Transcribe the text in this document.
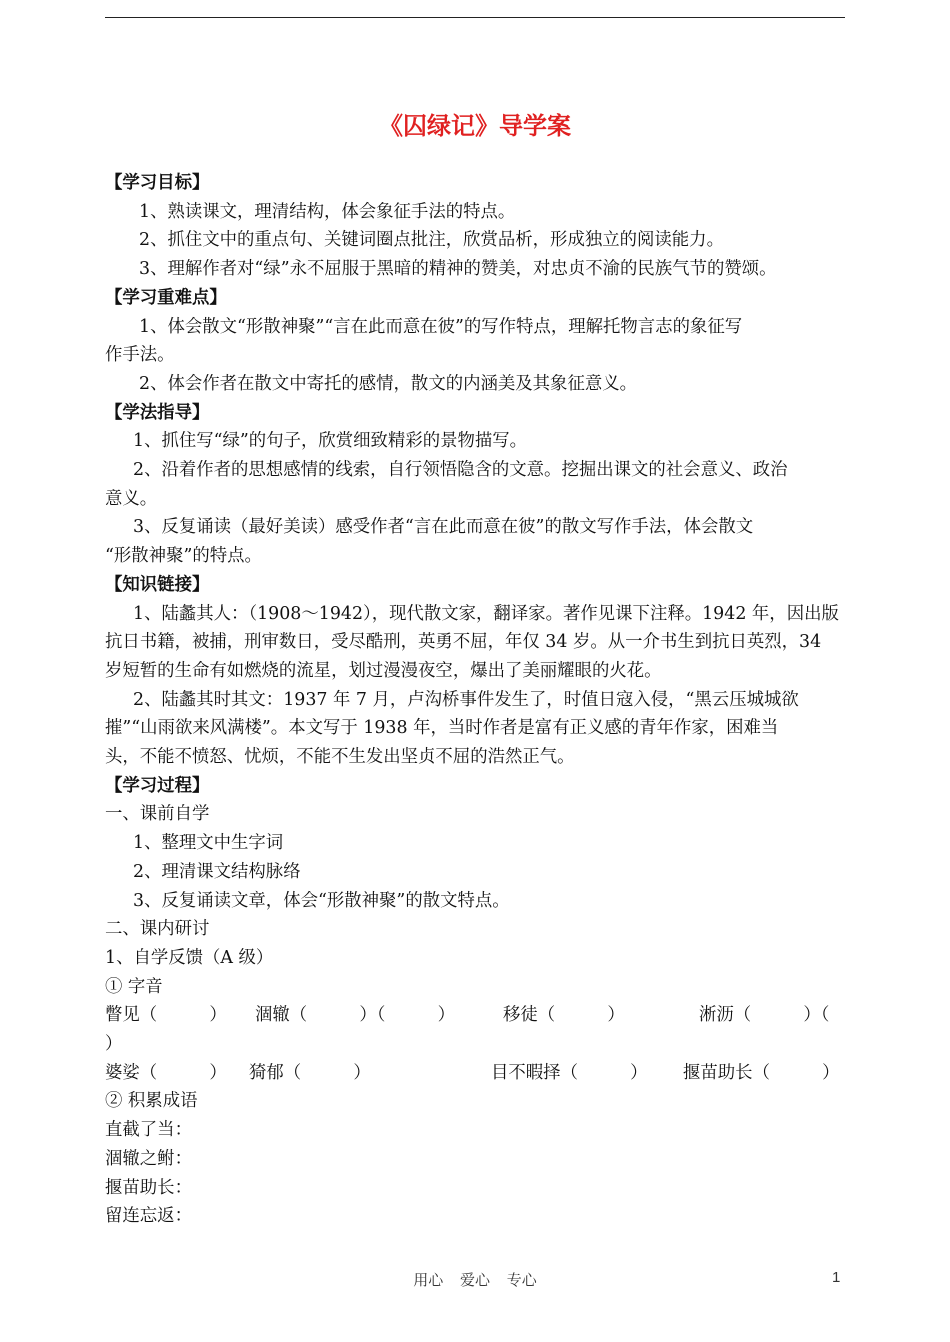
《囚绿记》导学案
【学习目标】
1、熟读课文，理清结构，体会象征手法的特点。
2、抓住文中的重点句、关键词圈点批注，欣赏品析，形成独立的阅读能力。
3、理解作者对“绿”永不屈服于黑暗的精神的赞美，对忠贞不渝的民族气节的赞颂。
【学习重难点】
1、体会散文“形散神聚”“言在此而意在彼”的写作特点，理解托物言志的象征写
作手法。
2、体会作者在散文中寄托的感情，散文的内涵美及其象征意义。
【学法指导】
1、抓住写“绿”的句子，欣赏细致精彩的景物描写。
2、沿着作者的思想感情的线索，自行领悟隐含的文意。挖掘出课文的社会意义、政治
意义。
3、反复诵读（最好美读）感受作者“言在此而意在彼”的散文写作手法，体会散文
“形散神聚”的特点。
【知识链接】
1、陆蠡其人：（1908～1942），现代散文家，翻译家。著作见课下注释。1942 年，因出版
抗日书籍，被捕，刑审数日，受尽酷刑，英勇不屈，年仅 34 岁。从一介书生到抗日英烈，34
岁短暂的生命有如燃烧的流星，划过漫漫夜空，爆出了美丽耀眼的火花。
2、陆蠡其时其文：1937 年 7 月，卢沟桥事件发生了，时值日寇入侵，“黑云压城城欲
摧”“山雨欲来风满楼”。本文写于 1938 年，当时作者是富有正义感的青年作家，困难当
头，不能不愤怒、忧烦，不能不生发出坚贞不屈的浩然正气。
【学习过程】
一、课前自学
1、整理文中生字词
2、理清课文结构脉络
3、反复诵读文章，体会“形散神聚”的散文特点。
二、课内研讨
1、自学反馈（A 级）
① 字音
瞥见（　　　） 涸辙（　　　）（　　　）	移徒（　　　）	淅沥（　　　）（
）
婆娑（　　　） 猗郁（　　　）	目不暇择（　　　） 揠苗助长（　　　）
② 积累成语
直截了当：
涸辙之鲋：
揠苗助长：
留连忘返：
用心 爱心 专心	1
